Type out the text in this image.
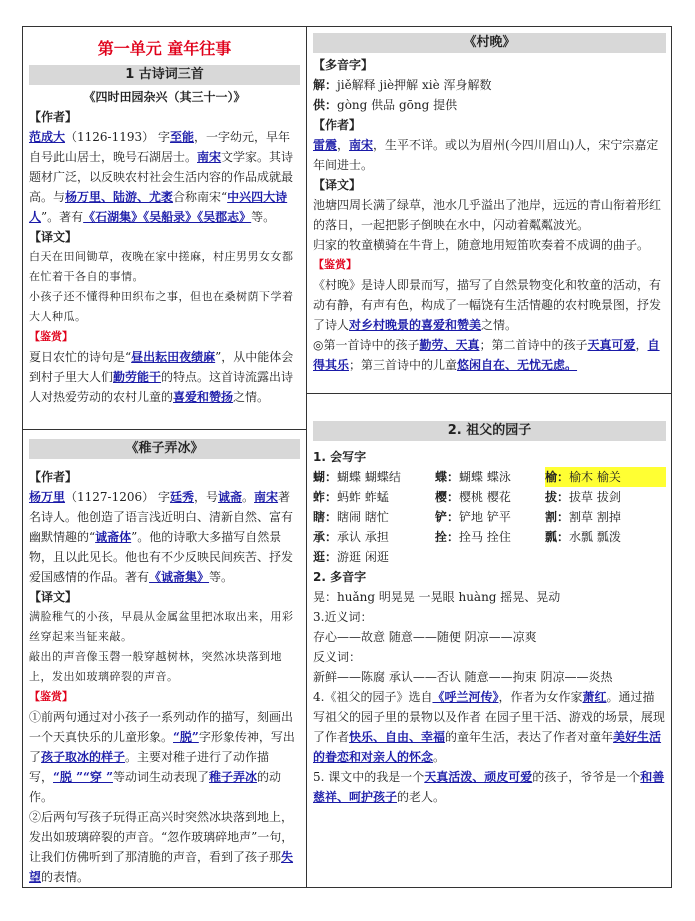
第一单元 童年往事
1 古诗词三首
《四时田园杂兴（其三十一）》
【作者】

范成大（1126-1193） 字至能，一字幼元，早年自号此山居士，晚号石湖居士。南宋文学家。其诗题材广泛，以反映农村社会生活内容的作品成就最高。与杨万里、陆游、尤袤合称南宋“中兴四大诗人”。著有《石湖集》《吴船录》《吴郡志》等。

【译文】

白天在田间锄草，夜晚在家中搓麻，村庄男男女女都在忙着干各自的事情。

小孩子还不懂得种田织布之事，但也在桑树荫下学着大人种瓜。

【鉴赏】

夏日农忙的诗句是“昼出耘田夜绩麻”，从中能体会到村子里大人们勤劳能干的特点。这首诗流露出诗人对热爱劳动的农村儿童的喜爱和赞扬之情。

《稚子弄冰》
【作者】

杨万里（1127-1206） 字廷秀，号诚斋。南宋著名诗人。他创造了语言浅近明白、清新自然、富有幽默情趣的“诚斋体”。他的诗歌大多描写自然景物，且以此见长。他也有不少反映民间疾苦、抒发爱国感情的作品。著有《诚斋集》等。

【译文】

满脸稚气的小孩，早晨从金属盆里把冰取出来，用彩丝穿起来当钲来敲。

敲出的声音像玉磬一般穿越树林，突然冰块落到地上，发出如玻璃碎裂的声音。

【鉴赏】

①前两句通过对小孩子一系列动作的描写，刻画出一个天真快乐的儿童形象。“脱”字形象传神，写出了孩子取冰的样子。主要对稚子进行了动作描写，“脱 ”“穿 ”等动词生动表现了稚子弄冰的动作。

②后两句写孩子玩得正高兴时突然冰块落到地上，发出如玻璃碎裂的声音。“忽作玻璃碎地声”一句，让我们仿佛听到了那清脆的声音，看到了孩子那失望的表情。

《村晚》
【多音字】

解：jiě解释 jiè押解 xiè 浑身解数

供：gòng 供品 gōng 提供

【作者】

雷震，南宋，生平不详。或以为眉州(今四川眉山)人，宋宁宗嘉定年间进士。

【译文】

池塘四周长满了绿草，池水几乎溢出了池岸，远远的青山衔着形红的落日，一起把影子倒映在水中，闪动着粼粼波光。

归家的牧童横骑在牛背上，随意地用短笛吹奏着不成调的曲子。

【鉴赏】

《村晚》是诗人即景而写，描写了自然景物变化和牧童的活动，有动有静，有声有色，构成了一幅饶有生活情趣的农村晚景图，抒发了诗人对乡村晚景的喜爱和赞美之情。

◎第一首诗中的孩子勤劳、天真；第二首诗中的孩子天真可爱，自得其乐；第三首诗中的儿童悠闲自在、无忧无虑。

2. 祖父的园子
1. 会写字
蝴：蝴蝶 蝴蝶结	蝶：蝴蝶 蝶泳	榆：榆木 榆关
蚱：蚂蚱 蚱蜢	樱：樱桃 樱花	拔：拔草 拔剑
瞎：瞎闹 瞎忙	铲：铲地 铲平	割：割草 割掉
承：承认 承担	拴：拴马 拴住	瓢：水瓢 瓢泼
逛：游逛 闲逛
2. 多音字

晃：huǎng 明晃晃 一晃眼 huàng 摇晃、晃动

3.近义词：

存心——故意 随意——随便 阴凉——凉爽

反义词：

新鲜——陈腐 承认——否认 随意——拘束 阴凉——炎热

4.《祖父的园子》选自《呼兰河传》，作者为女作家萧红。通过描写祖父的园子里的景物以及作者 在园子里干活、游戏的场景，展现了作者快乐、自由、幸福的童年生活，表达了作者对童年美好生活的眷恋和对亲人的怀念。

5. 课文中的我是一个天真活泼、顽皮可爱的孩子，爷爷是一个和善慈祥、呵护孩子的老人。
